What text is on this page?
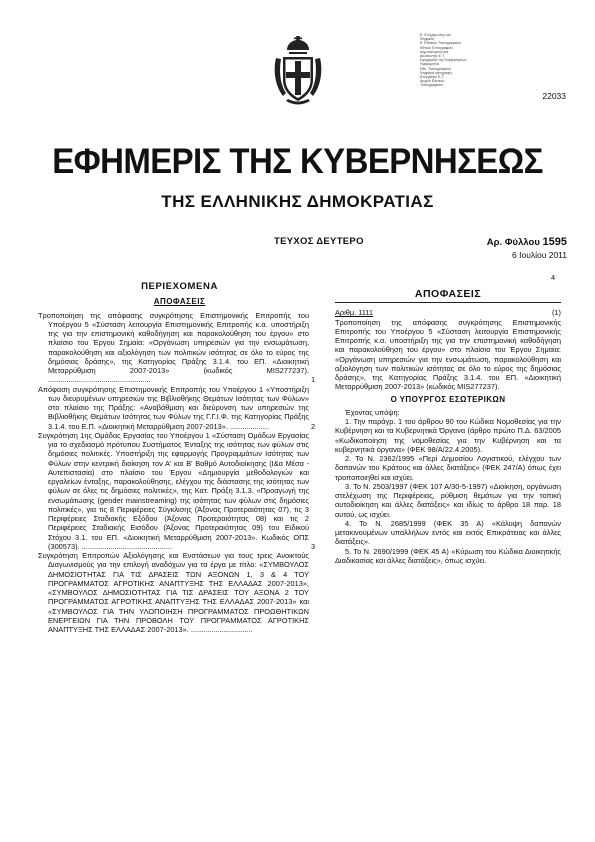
Ε. Ενημέρωσης και
Ψηφιακή
Ε. Εθνικού Τυπογραφείου
Εθνικό Τυπογραφείο
Δημοσιεύματα και
Διευθυντής Ε.Τ.
Εφημερίδα της Κυβερνήσεως
Ημερομηνία
Εθν. Τυπογραφείου
Ψηφιακή υπογραφή
Ελέγχθηκε Ε.Τ.
Αρχείο Εθνικού
Τυπογραφείου
22033
ΕΦΗΜΕΡΙΣ ΤΗΣ ΚΥΒΕΡΝΗΣΕΩΣ
ΤΗΣ ΕΛΛΗΝΙΚΗΣ ΔΗΜΟΚΡΑΤΙΑΣ
ΤΕΥΧΟΣ ΔΕΥΤΕΡΟ	Αρ. Φύλλου 1595
6 Ιουλίου 2011
ΠΕΡΙΕΧΟΜΕΝΑ
ΑΠΟΦΑΣΕΙΣ
Τροποποίηση της απόφασης συγκρότησης Επιστημονικής Επιτροπής του Υποέργου 5 «Σύσταση λειτουργία Επιστημονικής Επιτροπής κ.α. υποστήριξη της για την επιστημονική καθοδήγηση και παρακολούθηση του έργου» στο πλαίσιο του Έργου Σημαία: «Οργάνωση υπηρεσιών για την ενσωμάτωση, παρακολούθηση και αξιολόγηση των πολιτικών ισότητας σε όλο το εύρος της δημόσιας δράσης», της Κατηγορίας Πράξης 3.1.4. του ΕΠ. «Διοικητική Μεταρρύθμιση 2007-2013» (κωδικός ΜΙS277237). ..................................................	1
Απόφαση συγκρότησης Επιστημονικής Επιτροπής του Υποέργου 1 «Υποστήριξη των διευρυμένων υπηρεσιών της Βιβλιοθήκης Θεμάτων Ισότητας των Φύλων» στο πλαίσιο της Πράξης: «Αναβάθμιση και διεύρυνση των υπηρεσιών της Βιβλιοθήκης Θεμάτων Ισότητας των Φύλων της Γ.Γ.Ι.Φ. της Κατηγορίας Πράξης 3.1.4. του Ε.Π. «Διοικητική Μεταρρύθμιση 2007-2013». ...................	2
Συγκρότηση 1ης Ομάδας Εργασίας του Υποέργου 1 «Σύσταση Ομάδων Εργασίας για το σχεδιασμό πρότυπου Συστήματος Ένταξης της ισότητας των φύλων στις δημόσιες πολιτικές. Υποστήριξη της εφαρμογής Προγραμμάτων Ισότητας των Φύλων στην κεντρική διοίκηση τον Α' και Β' Βαθμό Αυτοδιοίκησης (Ι&α Μέσα - Αυτεπιστασία) στο πλαίσιο του Έργου «Δημιουργία μεθοδολογιών και εργαλείων ένταξης, παρακολούθησης, ελέγχου της διάστασης της ισότητας των φύλων σε όλες τις δημόσιες πολιτικές», της Κατ. Πράξη 3.1.3. «Προαγωγή της ενσωμάτωσης (gender mainstreaming) της ισότητας των φύλων στις δημόσιες πολιτικές», για τις 8 Περιφέρειες Σύγκλισης (Άξονας Προτεραιότητας 07), τις 3 Περιφέρειες Σταδιακής Εξόδου (Άξονας Προτεραιότητας 08) και τις 2 Περιφέρειες Σταδιακής Εισόδου (Άξονας Προτεραιότητας 09) του Ειδικού Στόχου 3.1. του ΕΠ. «Διοικητική Μεταρρύθμιση 2007-2013». Κωδικός ΟΠΣ (300573). ............................................	3
Συγκρότηση Επιτροπών Αξιολόγησης και Ενστάσεων για τους τρεις Ανοικτούς Διαγωνισμούς για την επιλογή αναδόχων για τα έργα με τίτλο: «ΣΥΜΒΟΥΛΟΣ ΔΗΜΟΣΙΟΤΗΤΑΣ ΓΙΑ ΤΙΣ ΔΡΑΣΕΙΣ ΤΩΝ ΑΞΟΝΩΝ 1, 3 & 4 ΤΟΥ ΠΡΟΓΡΑΜΜΑΤΟΣ ΑΓΡΟΤΙΚΗΣ ΑΝΑΠΤΥΞΗΣ ΤΗΣ ΕΛΛΑΔΑΣ 2007-2013», «ΣΥΜΒΟΥΛΟΣ ΔΗΜΟΣΙΟΤΗΤΑΣ ΓΙΑ ΤΙΣ ΔΡΑΣΕΙΣ ΤΟΥ ΑΞΟΝΑ 2 ΤΟΥ ΠΡΟΓΡΑΜΜΑΤΟΣ ΑΓΡΟΤΙΚΗΣ ΑΝΑΠΤΥΞΗΣ ΤΗΣ ΕΛΛΑΔΑΣ 2007-2013» και «ΣΥΜΒΟΥΛΟΣ ΓΙΑ ΤΗΝ ΥΛΟΠΟΙΗΣΗ ΠΡΟΓΡΑΜΜΑΤΟΣ ΠΡΟΩΘΗΤΙΚΩΝ ΕΝΕΡΓΕΙΩΝ ΓΙΑ ΤΗΝ ΠΡΟΒΟΛΗ ΤΟΥ ΠΡΟΓΡΑΜΜΑΤΟΣ ΑΓΡΟΤΙΚΗΣ ΑΝΑΠΤΥΞΗΣ ΤΗΣ ΕΛΛΑΔΑΣ 2007-2013». ..............................
4
ΑΠΟΦΑΣΕΙΣ
Αριθμ. 1111	(1)
Τροποποίηση της απόφασης συγκρότησης Επιστημονικής Επιτροπής του Υποέργου 5 «Σύσταση λειτουργία Επιστημονικής Επιτροπής κ.α. υποστήριξη της για την επιστημονική καθοδήγηση και παρακολούθηση του έργου» στο πλαίσιο του Έργου Σημαία: «Οργάνωση υπηρεσιών για την ενσωμάτωση, παρακολούθηση και αξιολόγηση των πολιτικών ισότητας σε όλο το εύρος της δημόσιας δράσης», της Κατηγορίας Πράξης 3.1.4. του ΕΠ. «Διοικητική Μεταρρύθμιση 2007-2013» (κωδικός ΜΙS277237).
Ο ΥΠΟΥΡΓΟΣ ΕΣΩΤΕΡΙΚΩΝ
Έχοντας υπόψη:
1. Την παράγρ. 1 του άρθρου 90 του Κώδικα Νομοθεσίας για την Κυβέρνηση και τα Κυβερνητικά Όργανα (άρθρο πρώτο Π.Δ. 63/2005 «Κωδικοποίηση της νομοθεσίας για την Κυβέρνηση και τα κυβερνητικά όργανα» (ΦΕΚ 98/Α/22.4.2005).
2. Το Ν. 2362/1995 «Περί Δημοσίου Λογιστικού, ελέγχου των δαπανών του Κράτους και άλλες διατάξεις» (ΦΕΚ 247/Α) όπως έχει τροποποιηθεί και ισχύει.
3. Το Ν. 2503/1997 (ΦΕΚ 107 Α/30-5-1997) «Διοίκηση, οργάνωση στελέχωση της Περιφέρειας, ρύθμιση θεμάτων για την τοπική αυτοδιοίκηση και άλλες διατάξεις» και ιδίως το άρθρο 18 παρ. 18 αυτού, ως ισχύει.
4. Το Ν. 2685/1999 (ΦΕΚ 35 Α) «Κάλυψη δαπανών μετακινουμένων υπαλλήλων εντός και εκτός Επικράτειας και άλλες διατάξεις».
5. Το Ν. 2690/1999 (ΦΕΚ 45 Α) «Κύρωση του Κώδικα Διοικητικής Διαδικασίας και άλλες διατάξεις», όπως ισχύει.
